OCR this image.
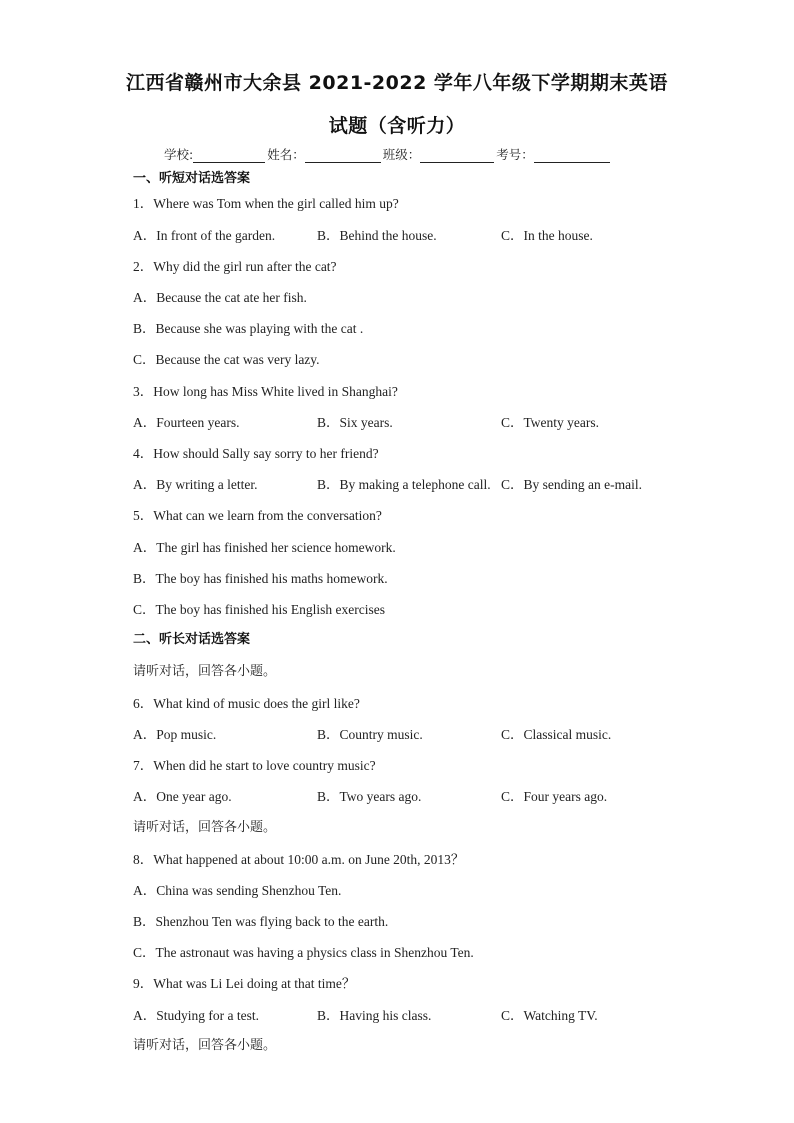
江西省赣州市大余县 2021-2022 学年八年级下学期期末英语
试题（含听力）
学校:	姓名：	班级：	考号：
一、听短对话选答案
1．Where was Tom when the girl called him up?
A．In front of the garden.	B．Behind the house.	C．In the house.
2．Why did the girl run after the cat?
A．Because the cat ate her fish.
B．Because she was playing with the cat .
C．Because the cat was very lazy.
3．How long has Miss White lived in Shanghai?
A．Fourteen years.	B．Six years.	C．Twenty years.
4．How should Sally say sorry to her friend?
A．By writing a letter.	B．By making a telephone call. C．By sending an e-mail.
5．What can we learn from the conversation?
A．The girl has finished her science homework.
B．The boy has finished his maths homework.
C．The boy has finished his English exercises
二、听长对话选答案
请听对话，回答各小题。
6．What kind of music does the girl like?
A．Pop music.	B．Country music.	C．Classical music.
7．When did he start to love country music?
A．One year ago.	B．Two years ago.	C．Four years ago.
请听对话，回答各小题。
8．What happened at about 10:00 a.m. on June 20th, 2013？
A．China was sending Shenzhou Ten.
B．Shenzhou Ten was flying back to the earth.
C．The astronaut was having a physics class in Shenzhou Ten.
9．What was Li Lei doing at that time？
A．Studying for a test.	B．Having his class.	C．Watching TV.
请听对话，回答各小题。
